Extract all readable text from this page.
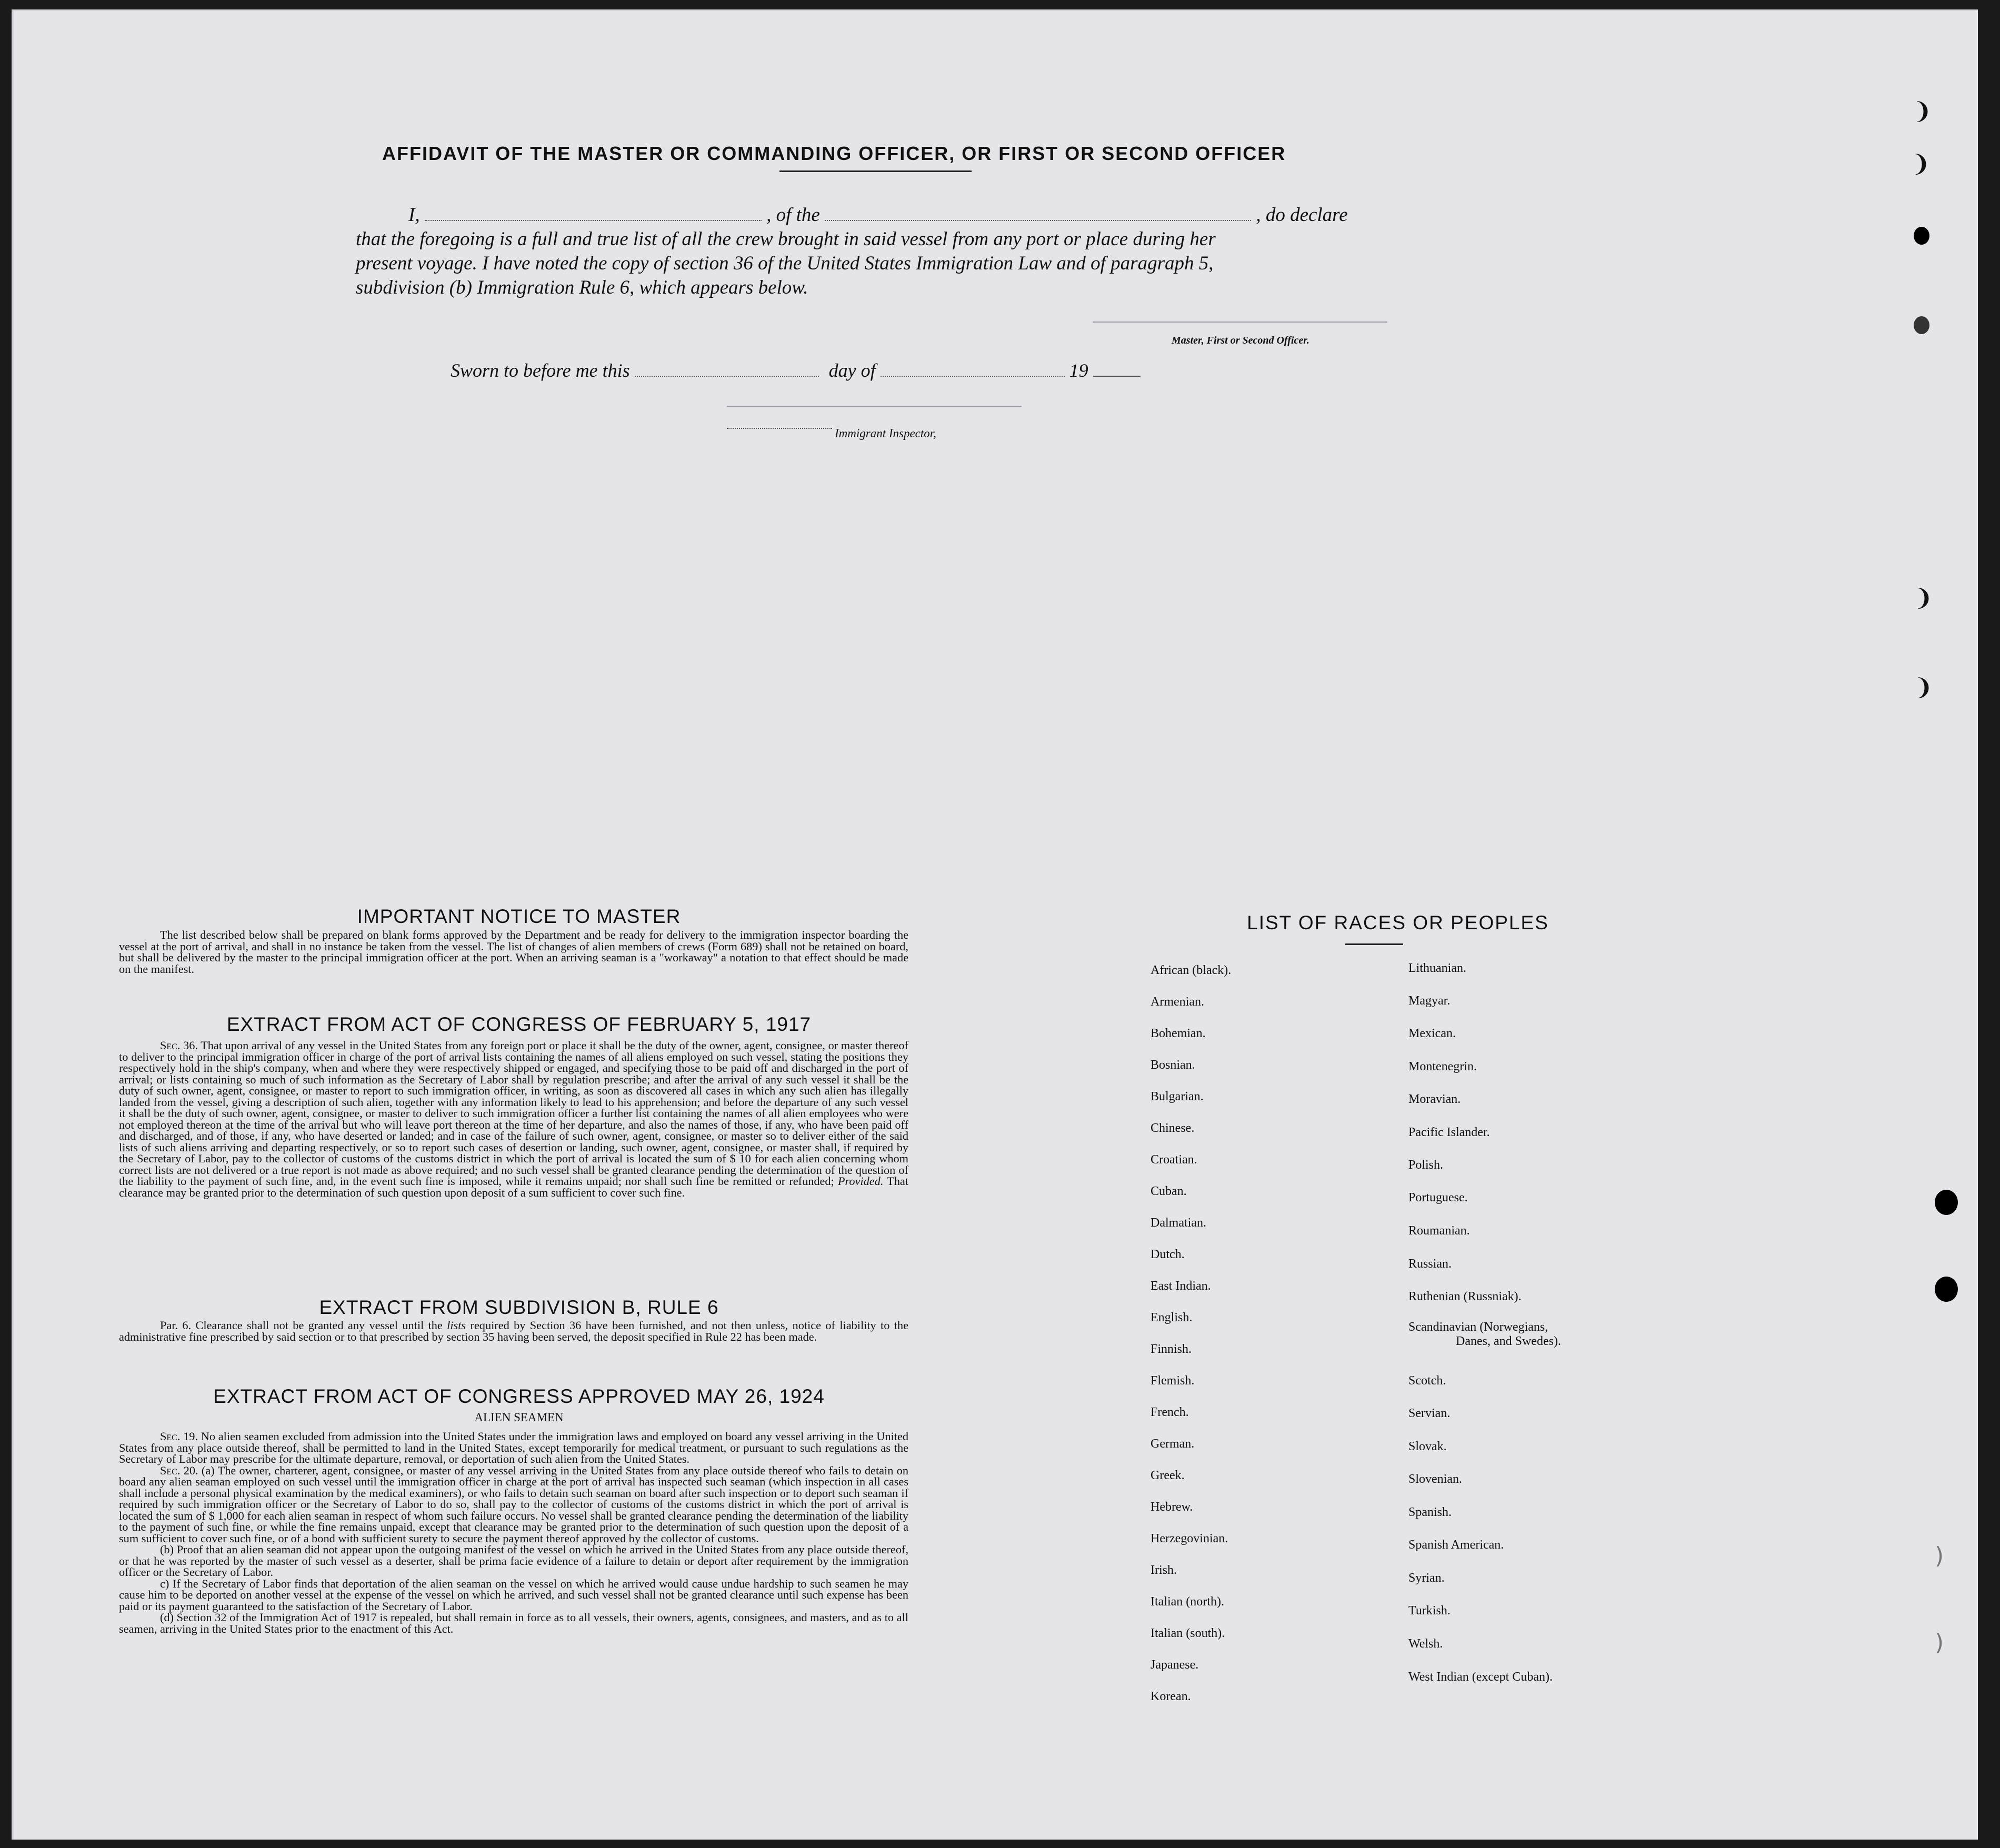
AFFIDAVIT OF THE MASTER OR COMMANDING OFFICER, OR FIRST OR SECOND OFFICER
I,	, of the	, do declare
that the foregoing is a full and true list of all the crew brought in said vessel from any port or place during her
present voyage. I have noted the copy of section 36 of the United States Immigration Law and of paragraph 5,
subdivision (b) Immigration Rule 6, which appears below.
Master, First or Second Officer.
Sworn to before me this	day of	19
Immigrant Inspector,
IMPORTANT NOTICE TO MASTER
The list described below shall be prepared on blank forms approved by the Department and be ready for delivery to the immigration inspector boarding the vessel at the port of arrival, and shall in no instance be taken from the vessel. The list of changes of alien members of crews (Form 689) shall not be retained on board, but shall be delivered by the master to the principal immigration officer at the port. When an arriving seaman is a "workaway" a notation to that effect should be made on the manifest.
EXTRACT FROM ACT OF CONGRESS OF FEBRUARY 5, 1917
Sec. 36. That upon arrival of any vessel in the United States from any foreign port or place it shall be the duty of the owner, agent, consignee, or master thereof to deliver to the principal immigration officer in charge of the port of arrival lists containing the names of all aliens employed on such vessel, stating the positions they respectively hold in the ship's company, when and where they were respectively shipped or engaged, and specifying those to be paid off and discharged in the port of arrival; or lists containing so much of such information as the Secretary of Labor shall by regulation prescribe; and after the arrival of any such vessel it shall be the duty of such owner, agent, consignee, or master to report to such immigration officer, in writing, as soon as discovered all cases in which any such alien has illegally landed from the vessel, giving a description of such alien, together with any information likely to lead to his apprehension; and before the departure of any such vessel it shall be the duty of such owner, agent, consignee, or master to deliver to such immigration officer a further list containing the names of all alien employees who were not employed thereon at the time of the arrival but who will leave port thereon at the time of her departure, and also the names of those, if any, who have been paid off and discharged, and of those, if any, who have deserted or landed; and in case of the failure of such owner, agent, consignee, or master so to deliver either of the said lists of such aliens arriving and departing respectively, or so to report such cases of desertion or landing, such owner, agent, consignee, or master shall, if required by the Secretary of Labor, pay to the collector of customs of the customs district in which the port of arrival is located the sum of $ 10 for each alien concerning whom correct lists are not delivered or a true report is not made as above required; and no such vessel shall be granted clearance pending the determination of the question of the liability to the payment of such fine, and, in the event such fine is imposed, while it remains unpaid; nor shall such fine be remitted or refunded; Provided. That clearance may be granted prior to the determination of such question upon deposit of a sum sufficient to cover such fine.
EXTRACT FROM SUBDIVISION B, RULE 6
Par. 6. Clearance shall not be granted any vessel until the lists required by Section 36 have been furnished, and not then unless, notice of liability to the administrative fine prescribed by said section or to that prescribed by section 35 having been served, the deposit specified in Rule 22 has been made.
EXTRACT FROM ACT OF CONGRESS APPROVED MAY 26, 1924
ALIEN SEAMEN

Sec. 19. No alien seamen excluded from admission into the United States under the immigration laws and employed on board any vessel arriving in the United States from any place outside thereof, shall be permitted to land in the United States, except temporarily for medical treatment, or pursuant to such regulations as the Secretary of Labor may prescribe for the ultimate departure, removal, or deportation of such alien from the United States.

Sec. 20. (a) The owner, charterer, agent, consignee, or master of any vessel arriving in the United States from any place outside thereof who fails to detain on board any alien seaman employed on such vessel until the immigration officer in charge at the port of arrival has inspected such seaman (which inspection in all cases shall include a personal physical examination by the medical examiners), or who fails to detain such seaman on board after such inspection or to deport such seaman if required by such immigration officer or the Secretary of Labor to do so, shall pay to the collector of customs of the customs district in which the port of arrival is located the sum of $ 1,000 for each alien seaman in respect of whom such failure occurs. No vessel shall be granted clearance pending the determination of the liability to the payment of such fine, or while the fine remains unpaid, except that clearance may be granted prior to the determination of such question upon the deposit of a sum sufficient to cover such fine, or of a bond with sufficient surety to secure the payment thereof approved by the collector of customs.

(b) Proof that an alien seaman did not appear upon the outgoing manifest of the vessel on which he arrived in the United States from any place outside thereof, or that he was reported by the master of such vessel as a deserter, shall be prima facie evidence of a failure to detain or deport after requirement by the immigration officer or the Secretary of Labor.

c) If the Secretary of Labor finds that deportation of the alien seaman on the vessel on which he arrived would cause undue hardship to such seamen he may cause him to be deported on another vessel at the expense of the vessel on which he arrived, and such vessel shall not be granted clearance until such expense has been paid or its payment guaranteed to the satisfaction of the Secretary of Labor.

(d) Section 32 of the Immigration Act of 1917 is repealed, but shall remain in force as to all vessels, their owners, agents, consignees, and masters, and as to all seamen, arriving in the United States prior to the enactment of this Act.

LIST OF RACES OR PEOPLES
African (black).
Armenian.
Bohemian.
Bosnian.
Bulgarian.
Chinese.
Croatian.
Cuban.
Dalmatian.
Dutch.
East Indian.
English.
Finnish.
Flemish.
French.
German.
Greek.
Hebrew.
Herzegovinian.
Irish.
Italian (north).
Italian (south).
Japanese.
Korean.
Lithuanian.
Magyar.
Mexican.
Montenegrin.
Moravian.
Pacific Islander.
Polish.
Portuguese.
Roumanian.
Russian.
Ruthenian (Russniak).
Scandinavian (Norwegians,
Danes, and Swedes).
Scotch.
Servian.
Slovak.
Slovenian.
Spanish.
Spanish American.
Syrian.
Turkish.
Welsh.
West Indian (except Cuban).
❩
❩
❩
❩
)
)
